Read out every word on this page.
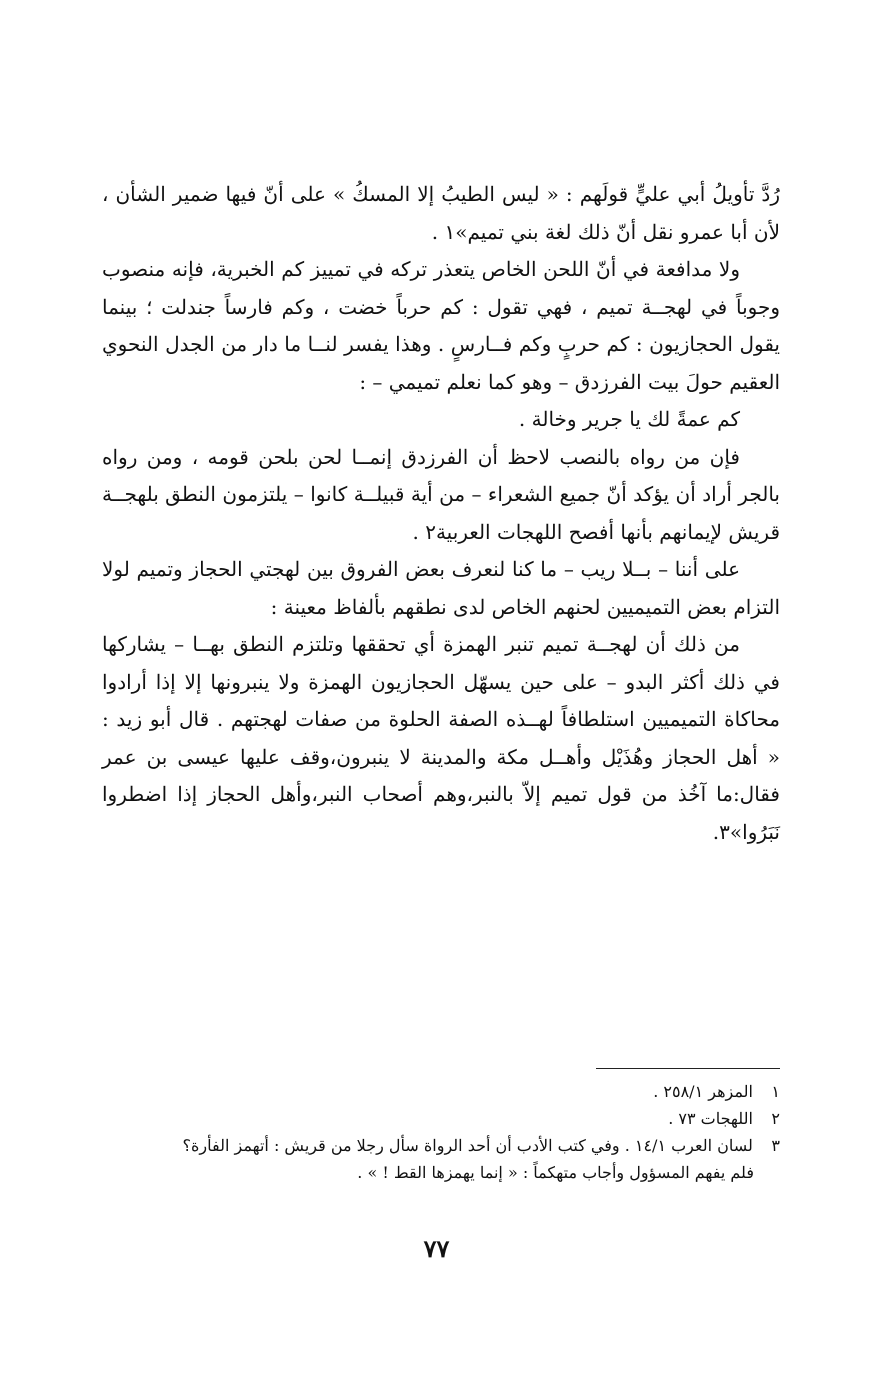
رُدَّ تأويلُ أبي عليٍّ قولَهم : « ليس الطيبُ إلا المسكُ » على أنّ فيها ضمير الشأن ، لأن أبا عمرو نقل أنّ ذلك لغة بني تميم»١ .

ولا مدافعة في أنّ اللحن الخاص يتعذر تركه في تمييز كم الخبرية، فإنه منصوب وجوباً في لهجــة تميم ، فهي تقول : كم حرباً خضت ، وكم فارساً جندلت ؛ بينما يقول الحجازيون : كم حربٍ وكم فــارسٍ . وهذا يفسر لنــا ما دار من الجدل النحوي العقيم حولَ بيت الفرزدق – وهو كما نعلم تميمي – :

كم عمةً لك يا جرير وخالة .

فإن من رواه بالنصب لاحظ أن الفرزدق إنمــا لحن بلحن قومه ، ومن رواه بالجر أراد أن يؤكد أنّ جميع الشعراء – من أية قبيلــة كانوا – يلتزمون النطق بلهجــة قريش لإيمانهم بأنها أفصح اللهجات العربية٢ .

على أننا – بــلا ريب – ما كنا لنعرف بعض الفروق بين لهجتي الحجاز وتميم لولا التزام بعض التميميين لحنهم الخاص لدى نطقهم بألفاظ معينة :

من ذلك أن لهجــة تميم تنبر الهمزة أي تحققها وتلتزم النطق بهــا – يشاركها في ذلك أكثر البدو – على حين يسهّل الحجازيون الهمزة ولا ينبرونها إلا إذا أرادوا محاكاة التميميين استلطافاً لهــذه الصفة الحلوة من صفات لهجتهم . قال أبو زيد : « أهل الحجاز وهُذَيْل وأهــل مكة والمدينة لا ينبرون،وقف عليها عيسى بن عمر فقال:ما آخُذ من قول تميم إلاّ بالنبر،وهم أصحاب النبر،وأهل الحجاز إذا اضطروا نَبَرُوا»٣.

١ المزهر ٢٥٨/١ .

٢ اللهجات ٧٣ .

٣ لسان العرب ١٤/١ . وفي كتب الأدب أن أحد الرواة سأل رجلا من قريش : أتهمز الفأرة؟

فلم يفهم المسؤول وأجاب متهكماً : « إنما يهمزها القط ! » .

٧٧
